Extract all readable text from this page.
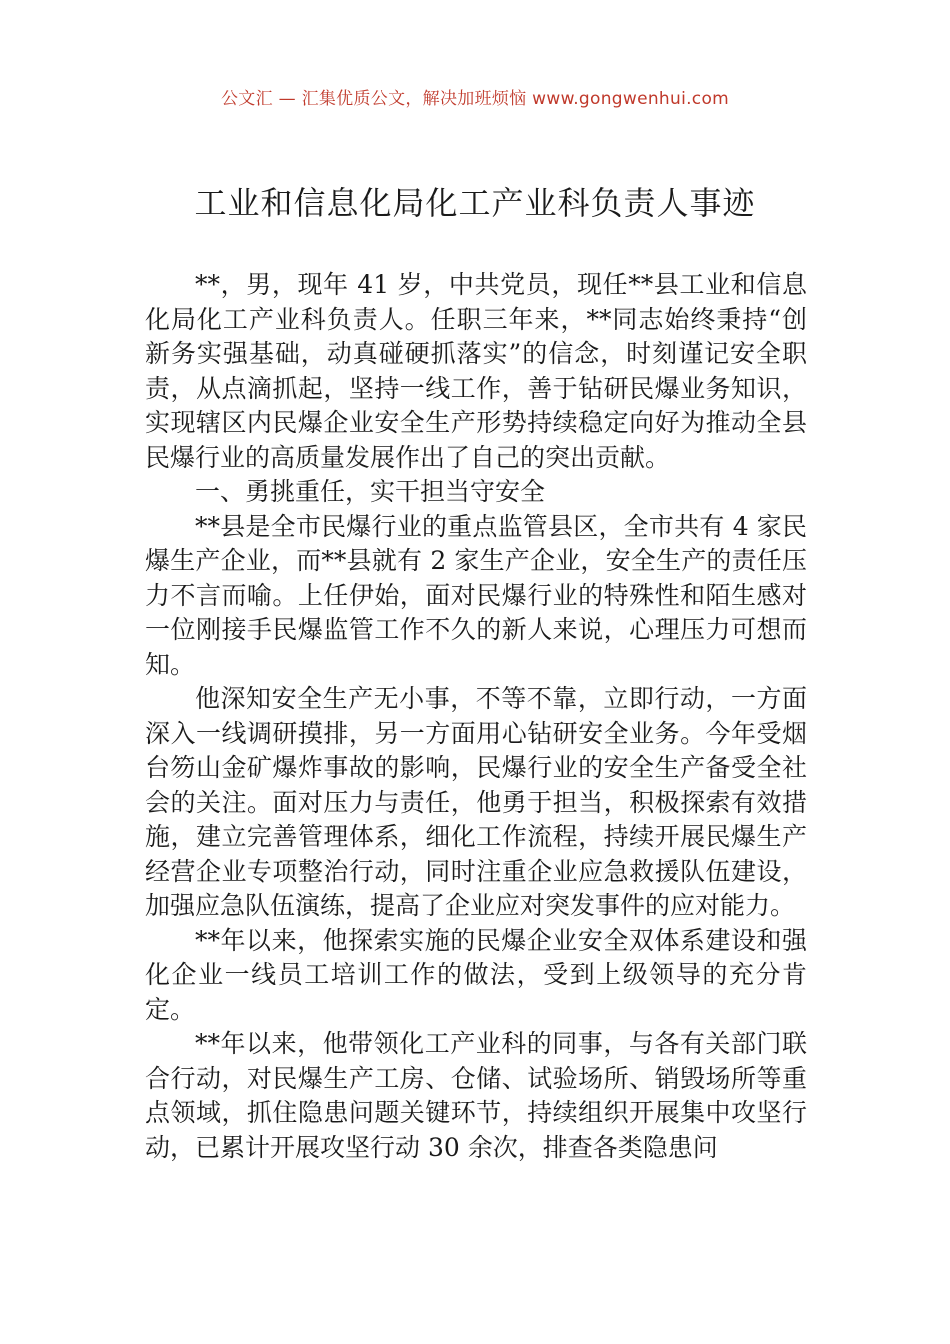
公文汇 — 汇集优质公文，解决加班烦恼 www.gongwenhui.com
工业和信息化局化工产业科负责人事迹

**，男，现年 41 岁，中共党员，现任**县工业和信息化局化工产业科负责人。任职三年来，**同志始终秉持“创新务实强基础，动真碰硬抓落实”的信念，时刻谨记安全职责，从点滴抓起，坚持一线工作，善于钻研民爆业务知识，实现辖区内民爆企业安全生产形势持续稳定向好为推动全县民爆行业的高质量发展作出了自己的突出贡献。

一、勇挑重任，实干担当守安全

**县是全市民爆行业的重点监管县区，全市共有 4 家民爆生产企业，而**县就有 2 家生产企业，安全生产的责任压力不言而喻。上任伊始，面对民爆行业的特殊性和陌生感对一位刚接手民爆监管工作不久的新人来说，心理压力可想而知。

他深知安全生产无小事，不等不靠，立即行动，一方面深入一线调研摸排，另一方面用心钻研安全业务。今年受烟台笏山金矿爆炸事故的影响，民爆行业的安全生产备受全社会的关注。面对压力与责任，他勇于担当，积极探索有效措施，建立完善管理体系，细化工作流程，持续开展民爆生产经营企业专项整治行动，同时注重企业应急救援队伍建设，加强应急队伍演练，提高了企业应对突发事件的应对能力。

**年以来，他探索实施的民爆企业安全双体系建设和强化企业一线员工培训工作的做法，受到上级领导的充分肯定。

**年以来，他带领化工产业科的同事，与各有关部门联合行动，对民爆生产工房、仓储、试验场所、销毁场所等重点领域，抓住隐患问题关键环节，持续组织开展集中攻坚行动，已累计开展攻坚行动 30 余次，排查各类隐患问
